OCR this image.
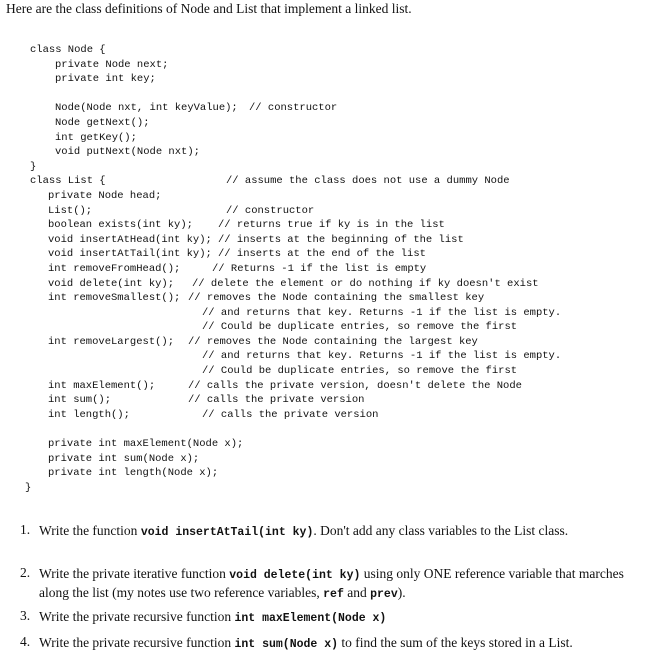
Here are the class definitions of Node and List that implement a linked list.
class Node {
private Node next;
private int key;
Node(Node nxt, int keyValue); // constructor
Node getNext();
int getKey();
void putNext(Node nxt);
}
class List {	// assume the class does not use a dummy Node
private Node head;
List();	// constructor
boolean exists(int ky); // returns true if ky is in the list
void insertAtHead(int ky); // inserts at the beginning of the list
void insertAtTail(int ky); // inserts at the end of the list
int removeFromHead();	// Returns -1 if the list is empty
void delete(int ky); // delete the element or do nothing if ky doesn't exist
int removeSmallest(); // removes the Node containing the smallest key
// and returns that key. Returns -1 if the list is empty.
// Could be duplicate entries, so remove the first
int removeLargest(); // removes the Node containing the largest key
// and returns that key. Returns -1 if the list is empty.
// Could be duplicate entries, so remove the first
int maxElement();	// calls the private version, doesn't delete the Node
int sum();	// calls the private version
int length();	// calls the private version
private int maxElement(Node x);
private int sum(Node x);
private int length(Node x);
}
1. Write the function void insertAtTail(int ky). Don't add any class variables to the List class.
2. Write the private iterative function void delete(int ky) using only ONE reference variable that marches along the list (my notes use two reference variables, ref and prev).
3. Write the private recursive function int maxElement(Node x)
4. Write the private recursive function int sum(Node x) to find the sum of the keys stored in a List.
